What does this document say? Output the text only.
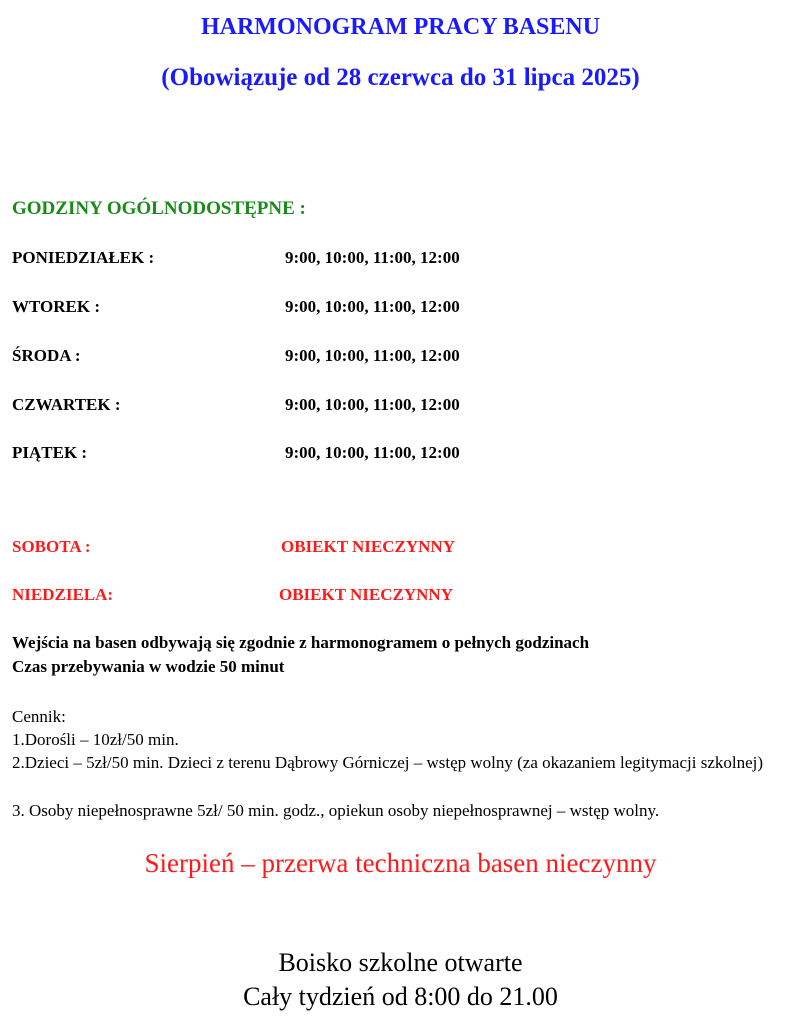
HARMONOGRAM PRACY BASENU
(Obowiązuje od 28 czerwca do 31 lipca 2025)
GODZINY OGÓLNODOSTĘPNE :
PONIEDZIAŁEK :	9:00, 10:00, 11:00, 12:00
WTOREK :	9:00, 10:00, 11:00, 12:00
ŚRODA :	9:00, 10:00, 11:00, 12:00
CZWARTEK :	9:00, 10:00, 11:00, 12:00
PIĄTEK :	9:00, 10:00, 11:00, 12:00
SOBOTA :	OBIEKT NIECZYNNY
NIEDZIELA:	OBIEKT NIECZYNNY
Wejścia na basen odbywają się zgodnie z harmonogramem o pełnych godzinach
Czas przebywania w wodzie 50 minut
Cennik:
1.Dorośli – 10zł/50 min.
2.Dzieci – 5zł/50 min. Dzieci z terenu Dąbrowy Górniczej – wstęp wolny (za okazaniem legitymacji szkolnej)
3. Osoby niepełnosprawne 5zł/ 50 min. godz., opiekun osoby niepełnosprawnej – wstęp wolny.
Sierpień – przerwa techniczna basen nieczynny
Boisko szkolne otwarte
Cały tydzień od 8:00 do 21.00
